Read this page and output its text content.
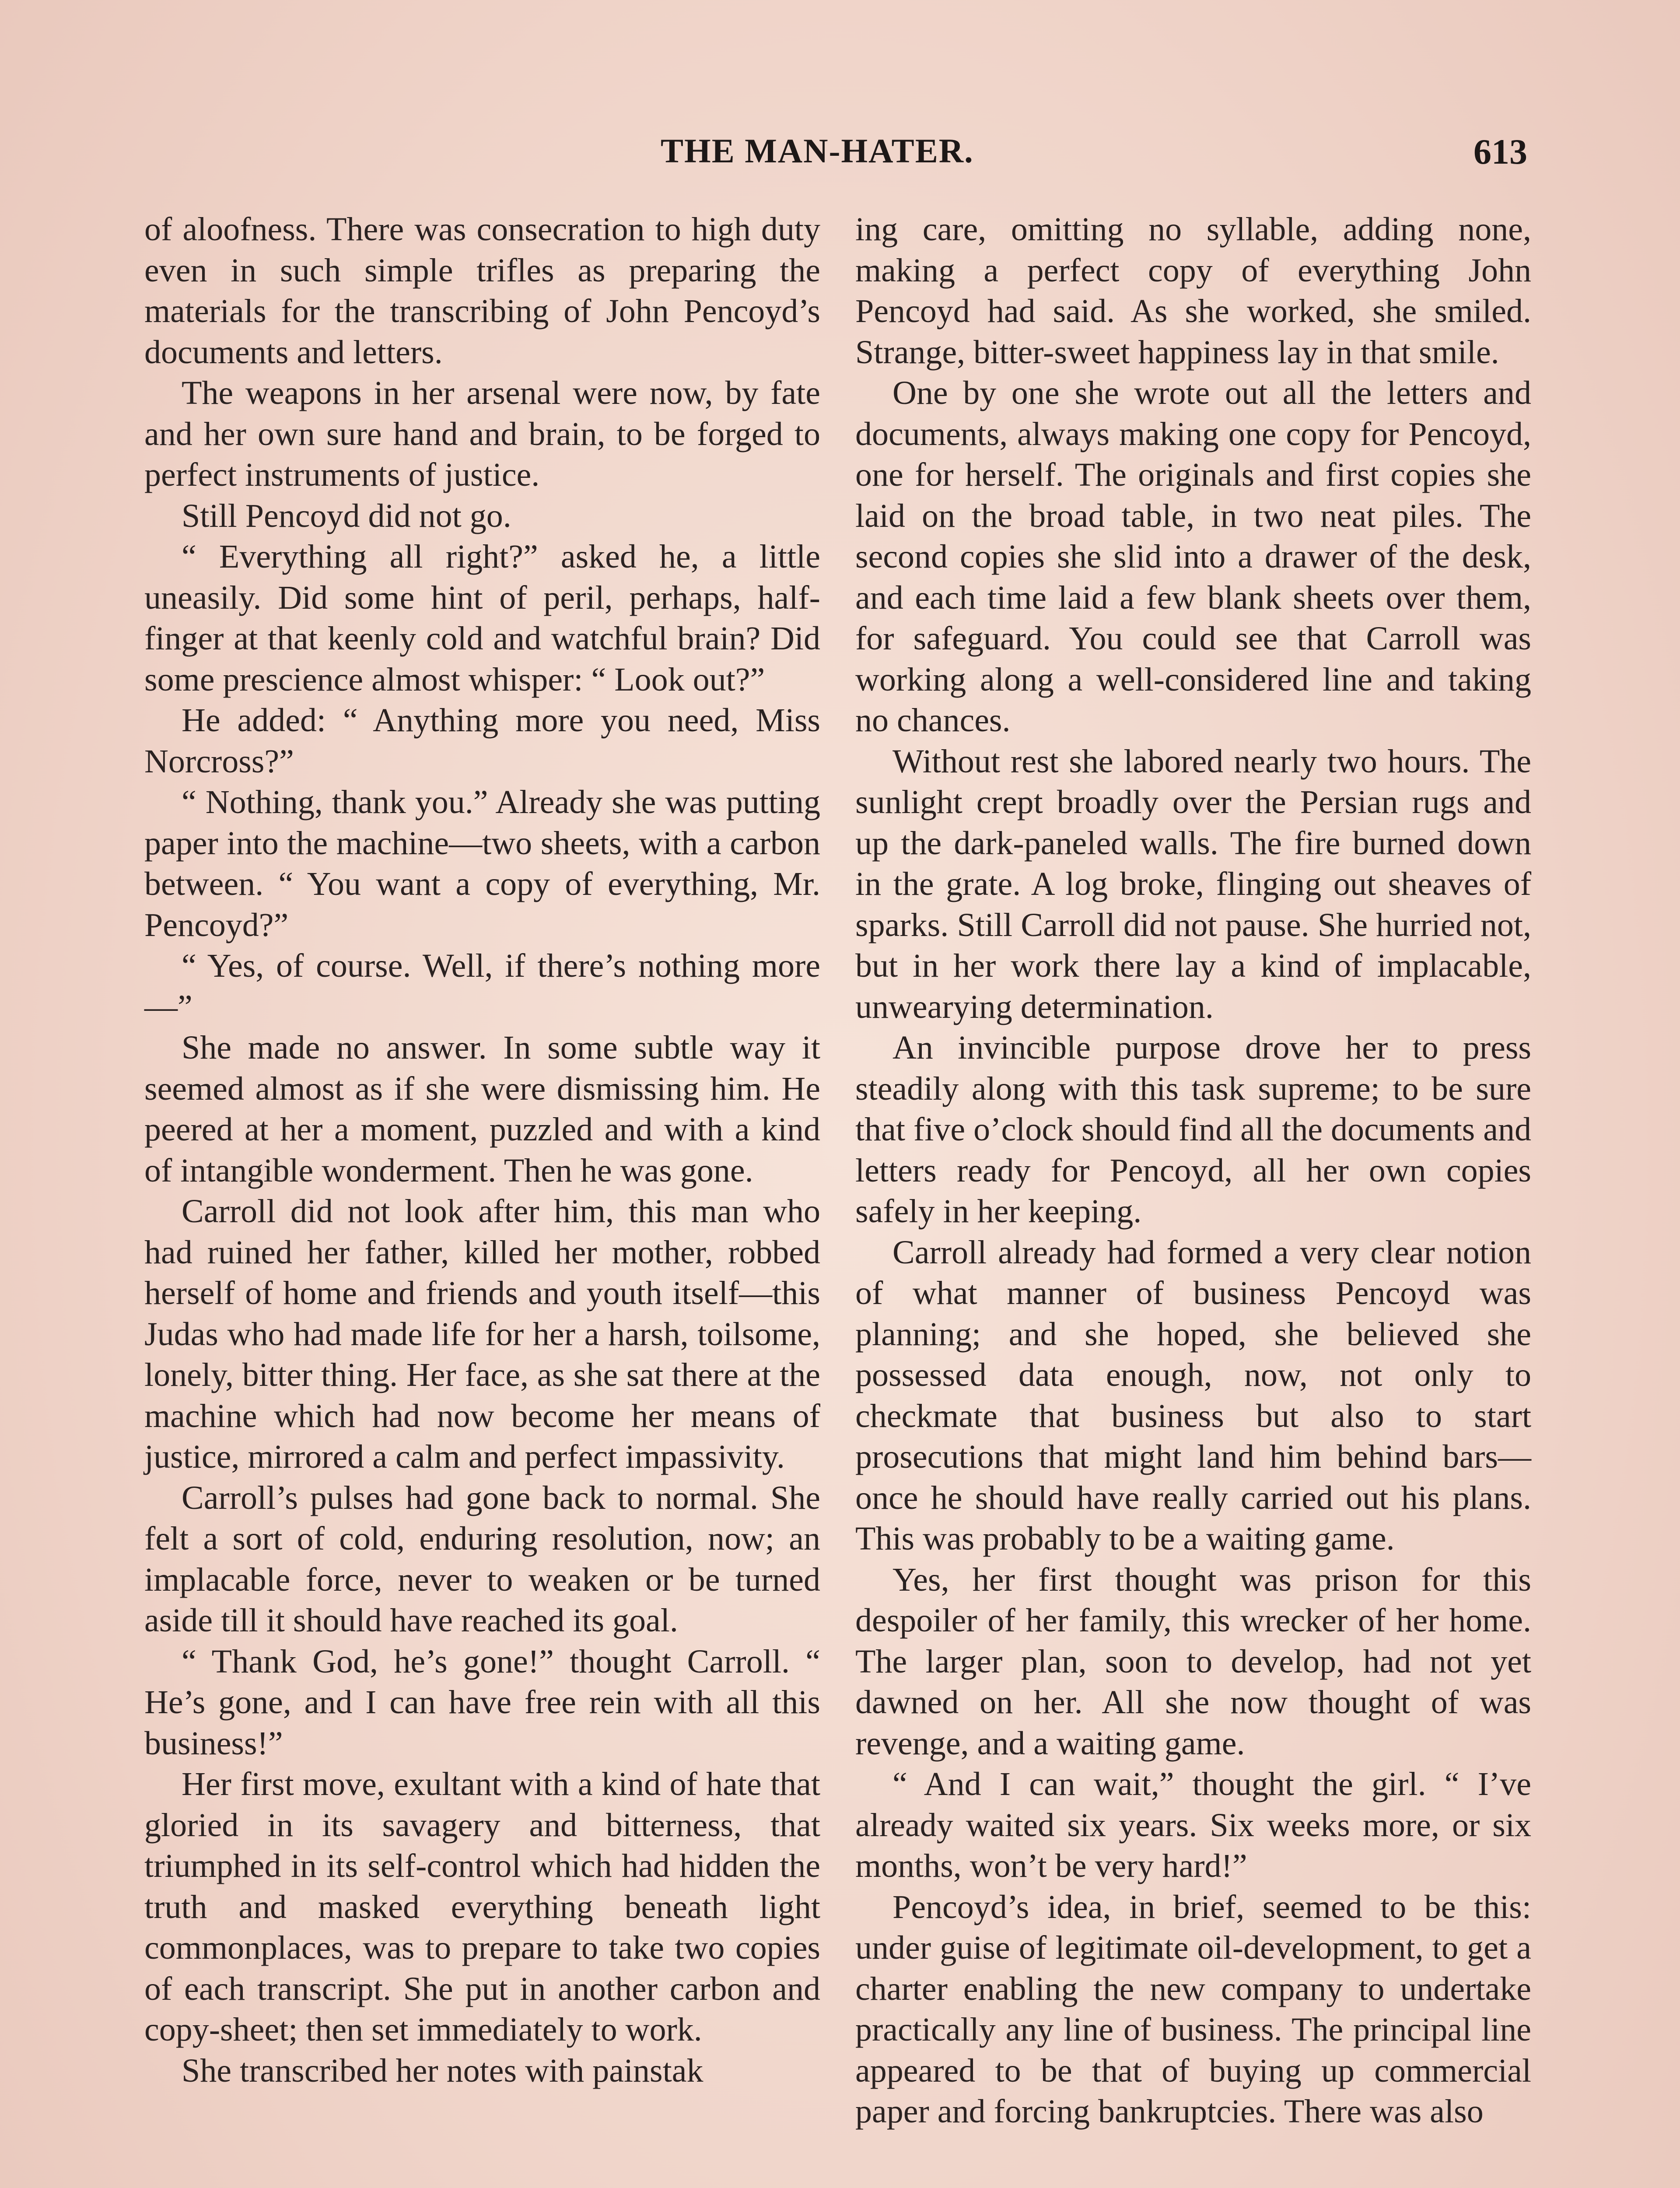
THE MAN-HATER.	613

of aloofness. There was consecration to high duty even in such simple trifles as preparing the materials for the transcribing of John Pencoyd’s documents and letters.

The weapons in her arsenal were now, by fate and her own sure hand and brain, to be forged to perfect instruments of justice.

Still Pencoyd did not go.

“ Everything all right?” asked he, a little uneasily. Did some hint of peril, perhaps, half-finger at that keenly cold and watchful brain? Did some prescience almost whisper: “ Look out?”

He added: “ Anything more you need, Miss Norcross?”

“ Nothing, thank you.” Already she was putting paper into the machine—two sheets, with a carbon between. “ You want a copy of everything, Mr. Pencoyd?”

“ Yes, of course. Well, if there’s nothing more—”

She made no answer. In some subtle way it seemed almost as if she were dismissing him. He peered at her a moment, puzzled and with a kind of intangible wonderment. Then he was gone.

Carroll did not look after him, this man who had ruined her father, killed her mother, robbed herself of home and friends and youth itself—this Judas who had made life for her a harsh, toilsome, lonely, bitter thing. Her face, as she sat there at the machine which had now become her means of justice, mirrored a calm and perfect impassivity.

Carroll’s pulses had gone back to normal. She felt a sort of cold, enduring resolution, now; an implacable force, never to weaken or be turned aside till it should have reached its goal.

“ Thank God, he’s gone!” thought Carroll. “ He’s gone, and I can have free rein with all this business!”

Her first move, exultant with a kind of hate that gloried in its savagery and bitterness, that triumphed in its self-control which had hidden the truth and masked everything beneath light commonplaces, was to prepare to take two copies of each transcript. She put in another carbon and copy-sheet; then set immediately to work.

She transcribed her notes with painstak

ing care, omitting no syllable, adding none, making a perfect copy of everything John Pencoyd had said. As she worked, she smiled. Strange, bitter-sweet happiness lay in that smile.

One by one she wrote out all the letters and documents, always making one copy for Pencoyd, one for herself. The originals and first copies she laid on the broad table, in two neat piles. The second copies she slid into a drawer of the desk, and each time laid a few blank sheets over them, for safeguard. You could see that Carroll was working along a well-considered line and taking no chances.

Without rest she labored nearly two hours. The sunlight crept broadly over the Persian rugs and up the dark-paneled walls. The fire burned down in the grate. A log broke, flinging out sheaves of sparks. Still Carroll did not pause. She hurried not, but in her work there lay a kind of implacable, unwearying determination.

An invincible purpose drove her to press steadily along with this task supreme; to be sure that five o’clock should find all the documents and letters ready for Pencoyd, all her own copies safely in her keeping.

Carroll already had formed a very clear notion of what manner of business Pencoyd was planning; and she hoped, she believed she possessed data enough, now, not only to checkmate that business but also to start prosecutions that might land him behind bars—once he should have really carried out his plans. This was probably to be a waiting game.

Yes, her first thought was prison for this despoiler of her family, this wrecker of her home. The larger plan, soon to develop, had not yet dawned on her. All she now thought of was revenge, and a waiting game.

“ And I can wait,” thought the girl. “ I’ve already waited six years. Six weeks more, or six months, won’t be very hard!”

Pencoyd’s idea, in brief, seemed to be this: under guise of legitimate oil-development, to get a charter enabling the new company to undertake practically any line of business. The principal line appeared to be that of buying up commercial paper and forcing bankruptcies. There was also
